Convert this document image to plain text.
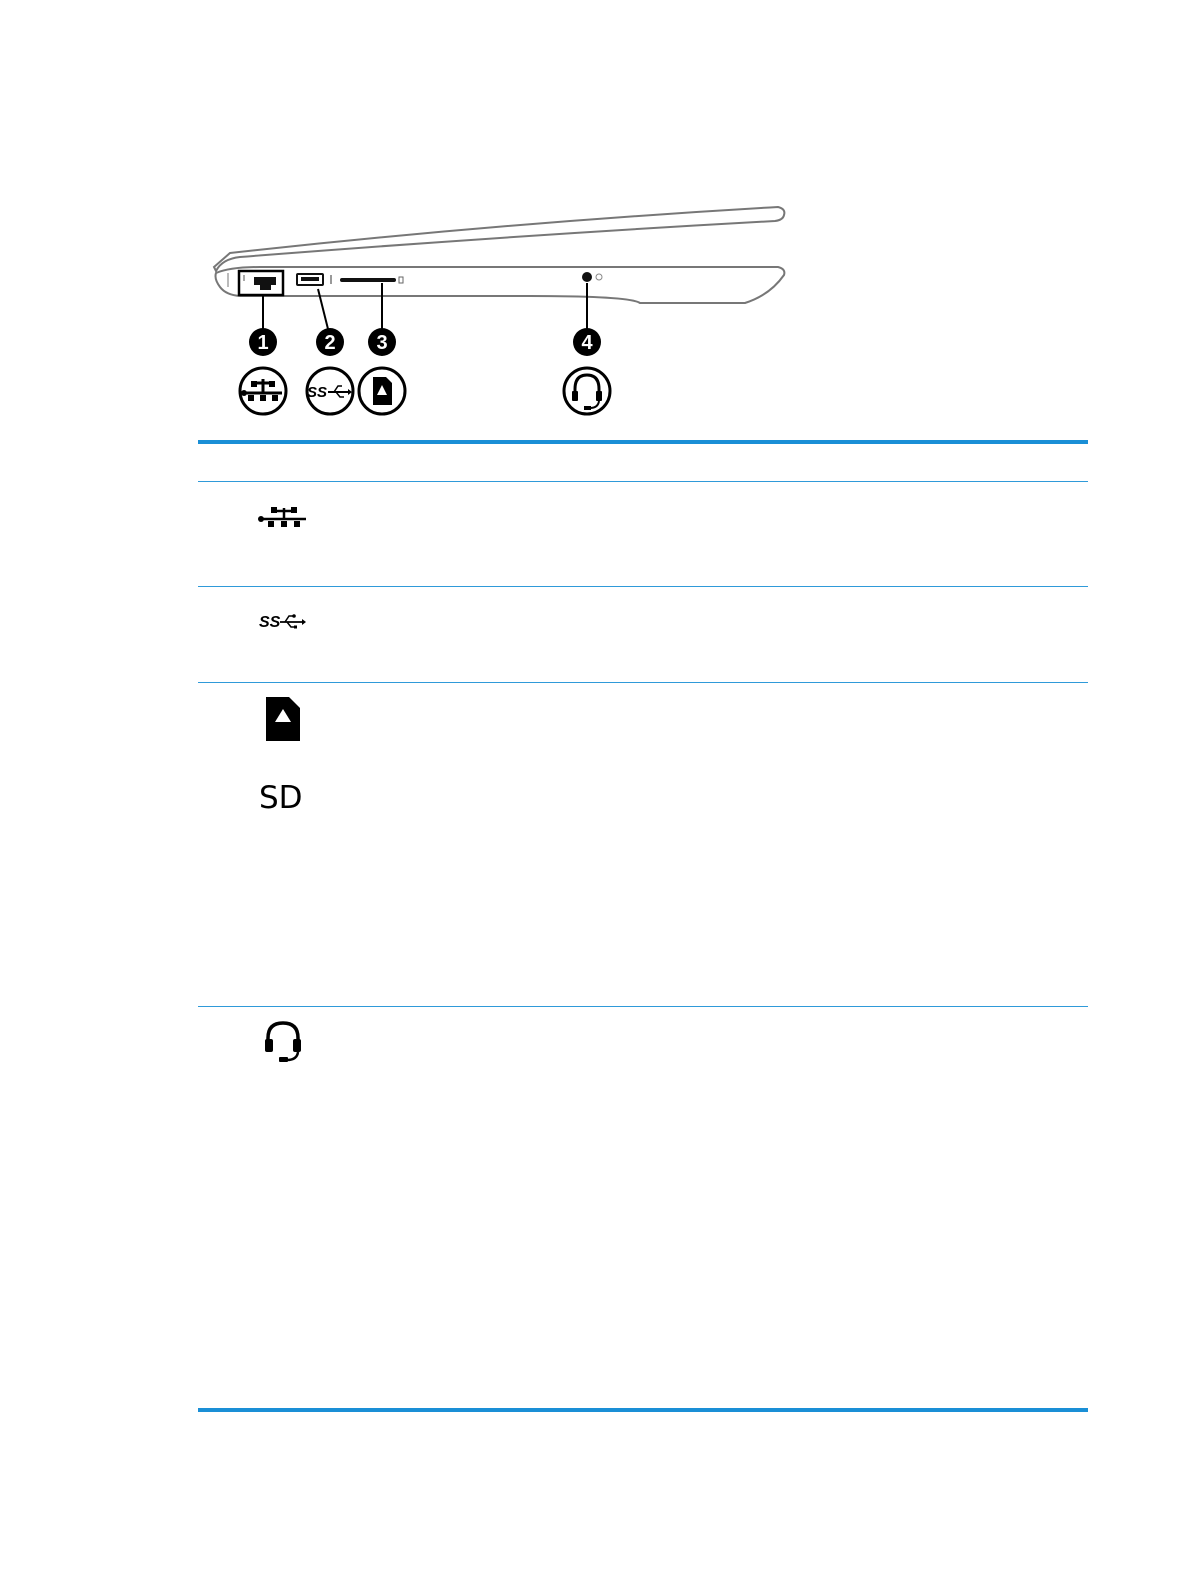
1	2 3	4
SS
SS
SD
